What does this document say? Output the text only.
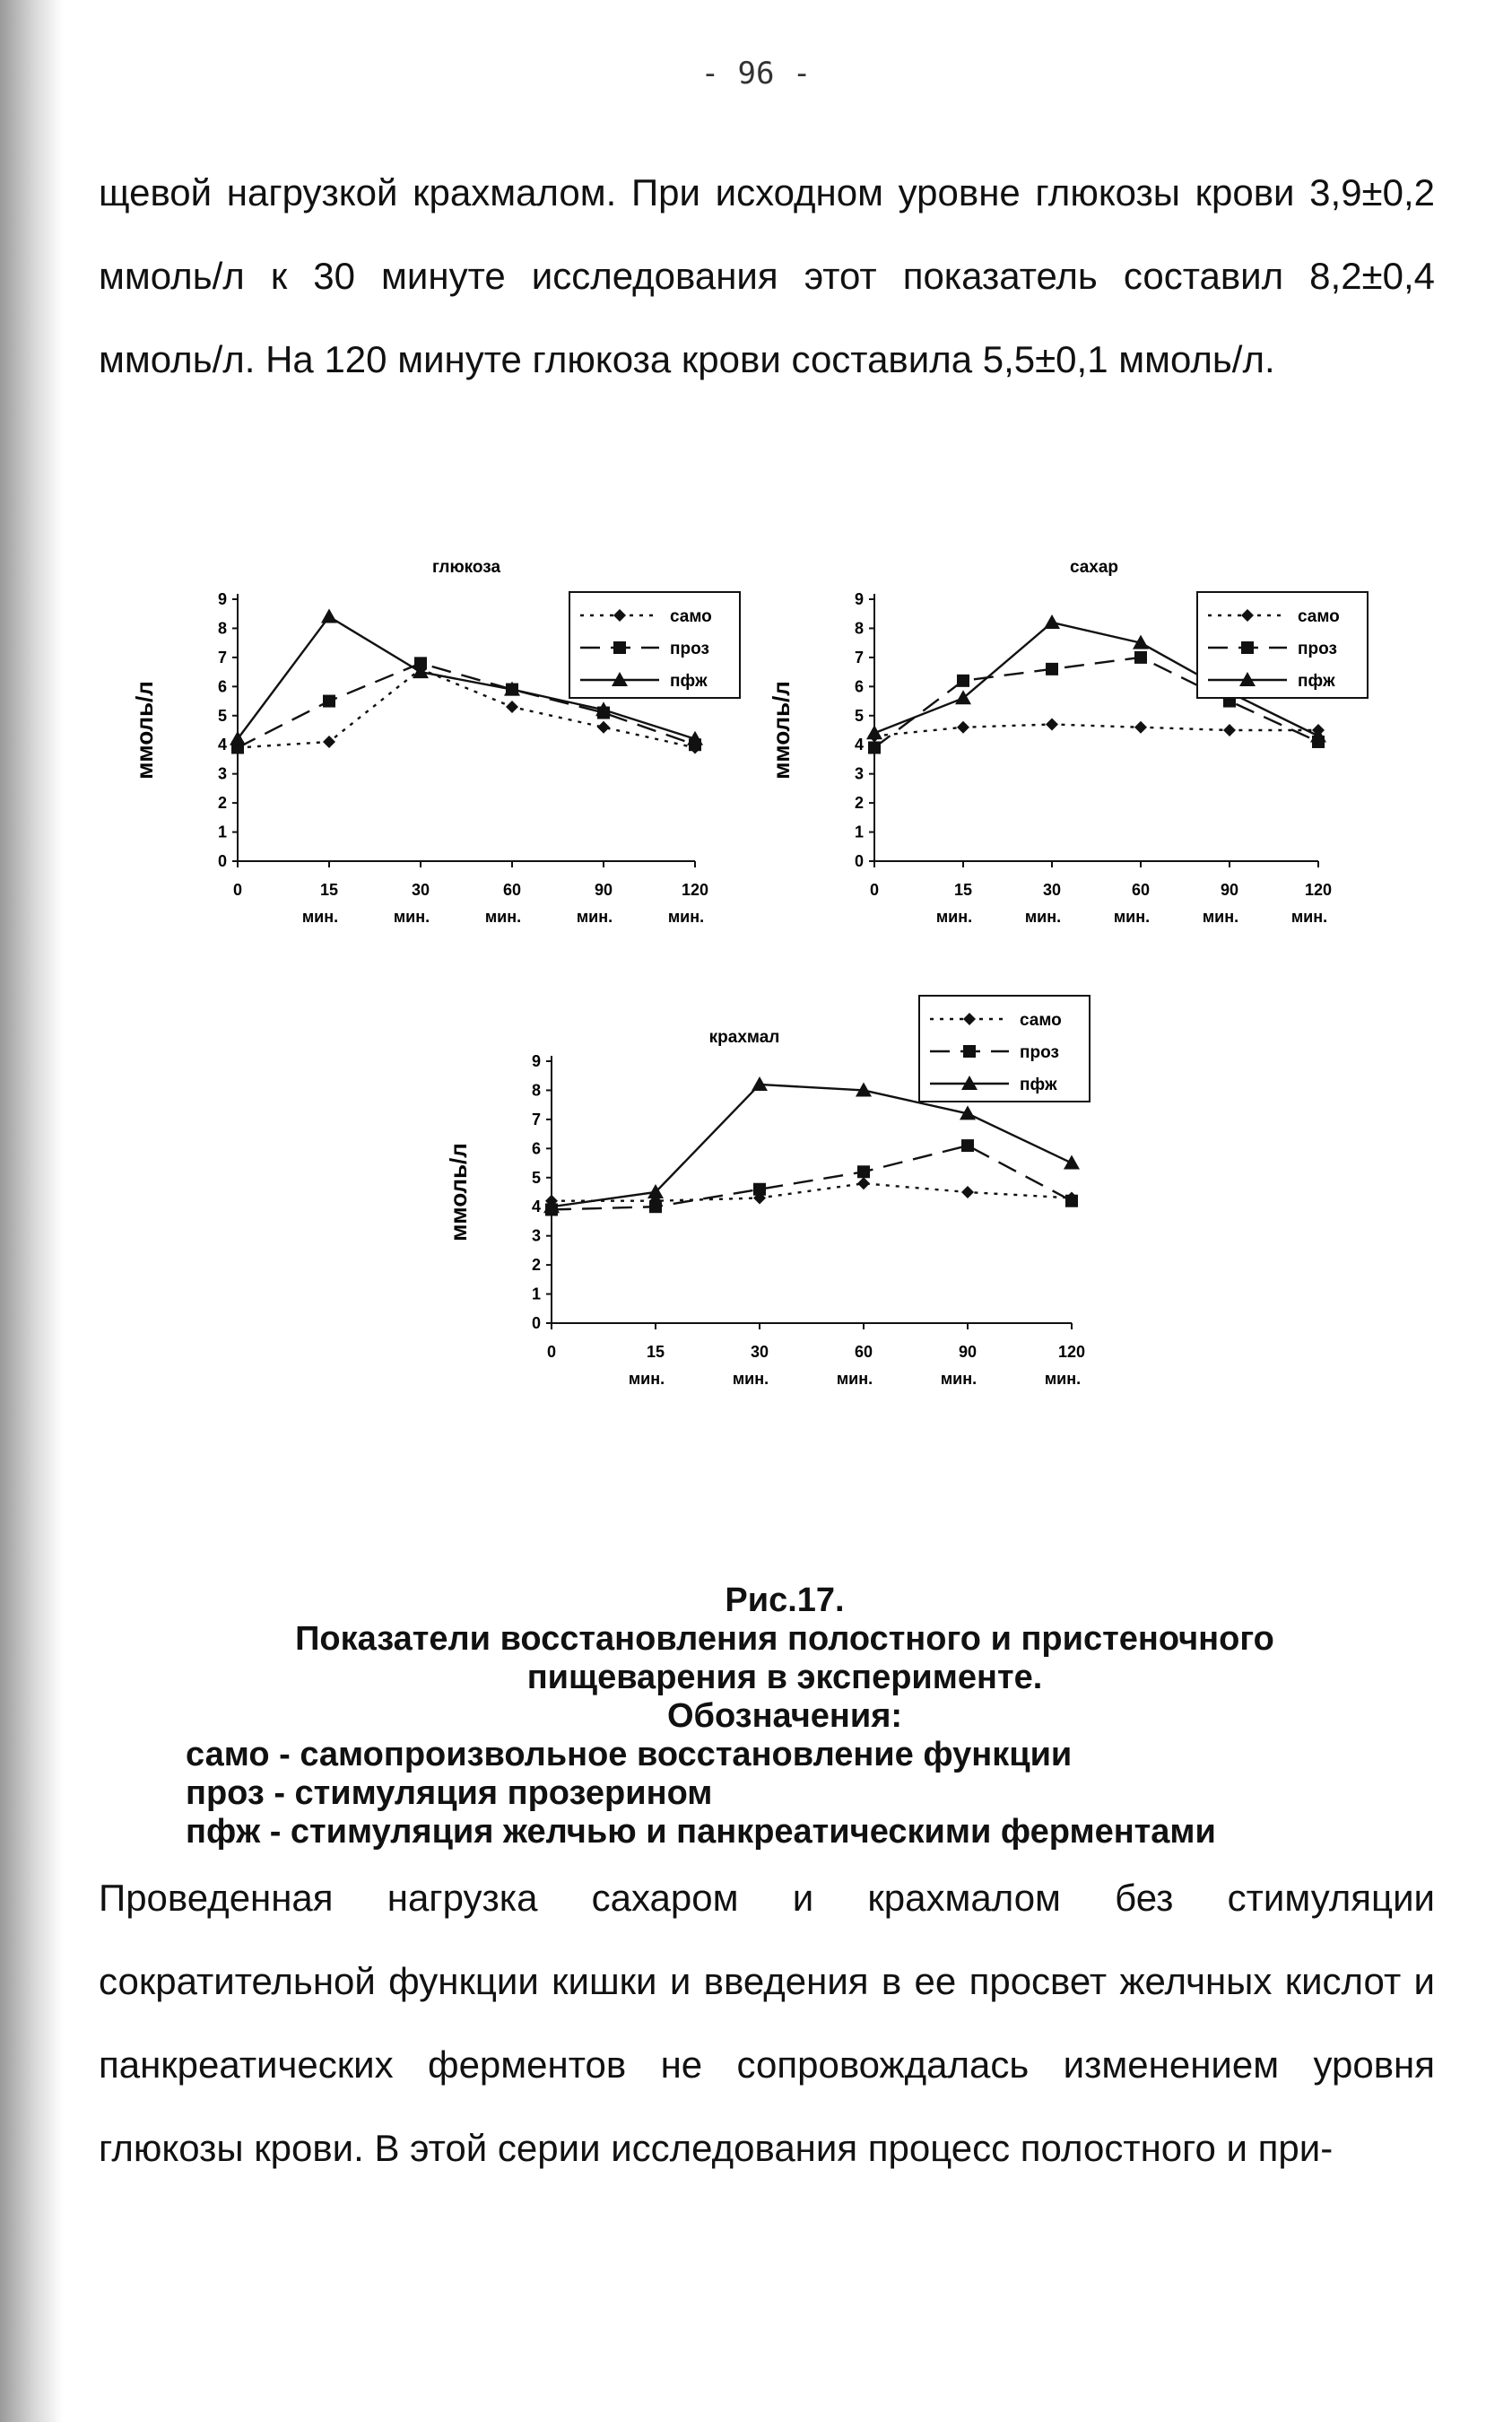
- 96 -

щевой нагрузкой крахмалом. При исходном уровне глюкозы крови 3,9±0,2 ммоль/л к 30 минуте исследования этот показатель составил 8,2±0,4 ммоль/л. На 120 минуте глюкоза крови составила 5,5±0,1 ммоль/л.

глюкоза
ммоль/л
0
1
2
3
4
5
6
7
8
9
0	15
мин.
30
мин.
60
мин.
90
мин.
120
мин.
само
проз
пфж
сахар
ммоль/л
0
1
2
3
4
5
6
7
8
9
0	15
мин.
30
мин.
60
мин.
90
мин.
120
мин.
само
проз
пфж
крахмал
ммоль/л
0
1
2
3
4
5
6
7
8
9
0	15
мин.
30
мин.
60
мин.
90
мин.
120
мин.
само
проз
пфж

Рис.17.

Показатели восстановления полостного и пристеночного пищеварения в эксперименте.

Обозначения:

само - самопроизвольное восстановление функции

проз - стимуляция прозерином

пфж - стимуляция желчью и панкреатическими ферментами

Проведенная нагрузка сахаром и крахмалом без стимуляции сократительной функции кишки и введения в ее просвет желчных кислот и панкреатических ферментов не сопровождалась изменением уровня глюкозы крови. В этой серии исследования процесс полостного и при-
